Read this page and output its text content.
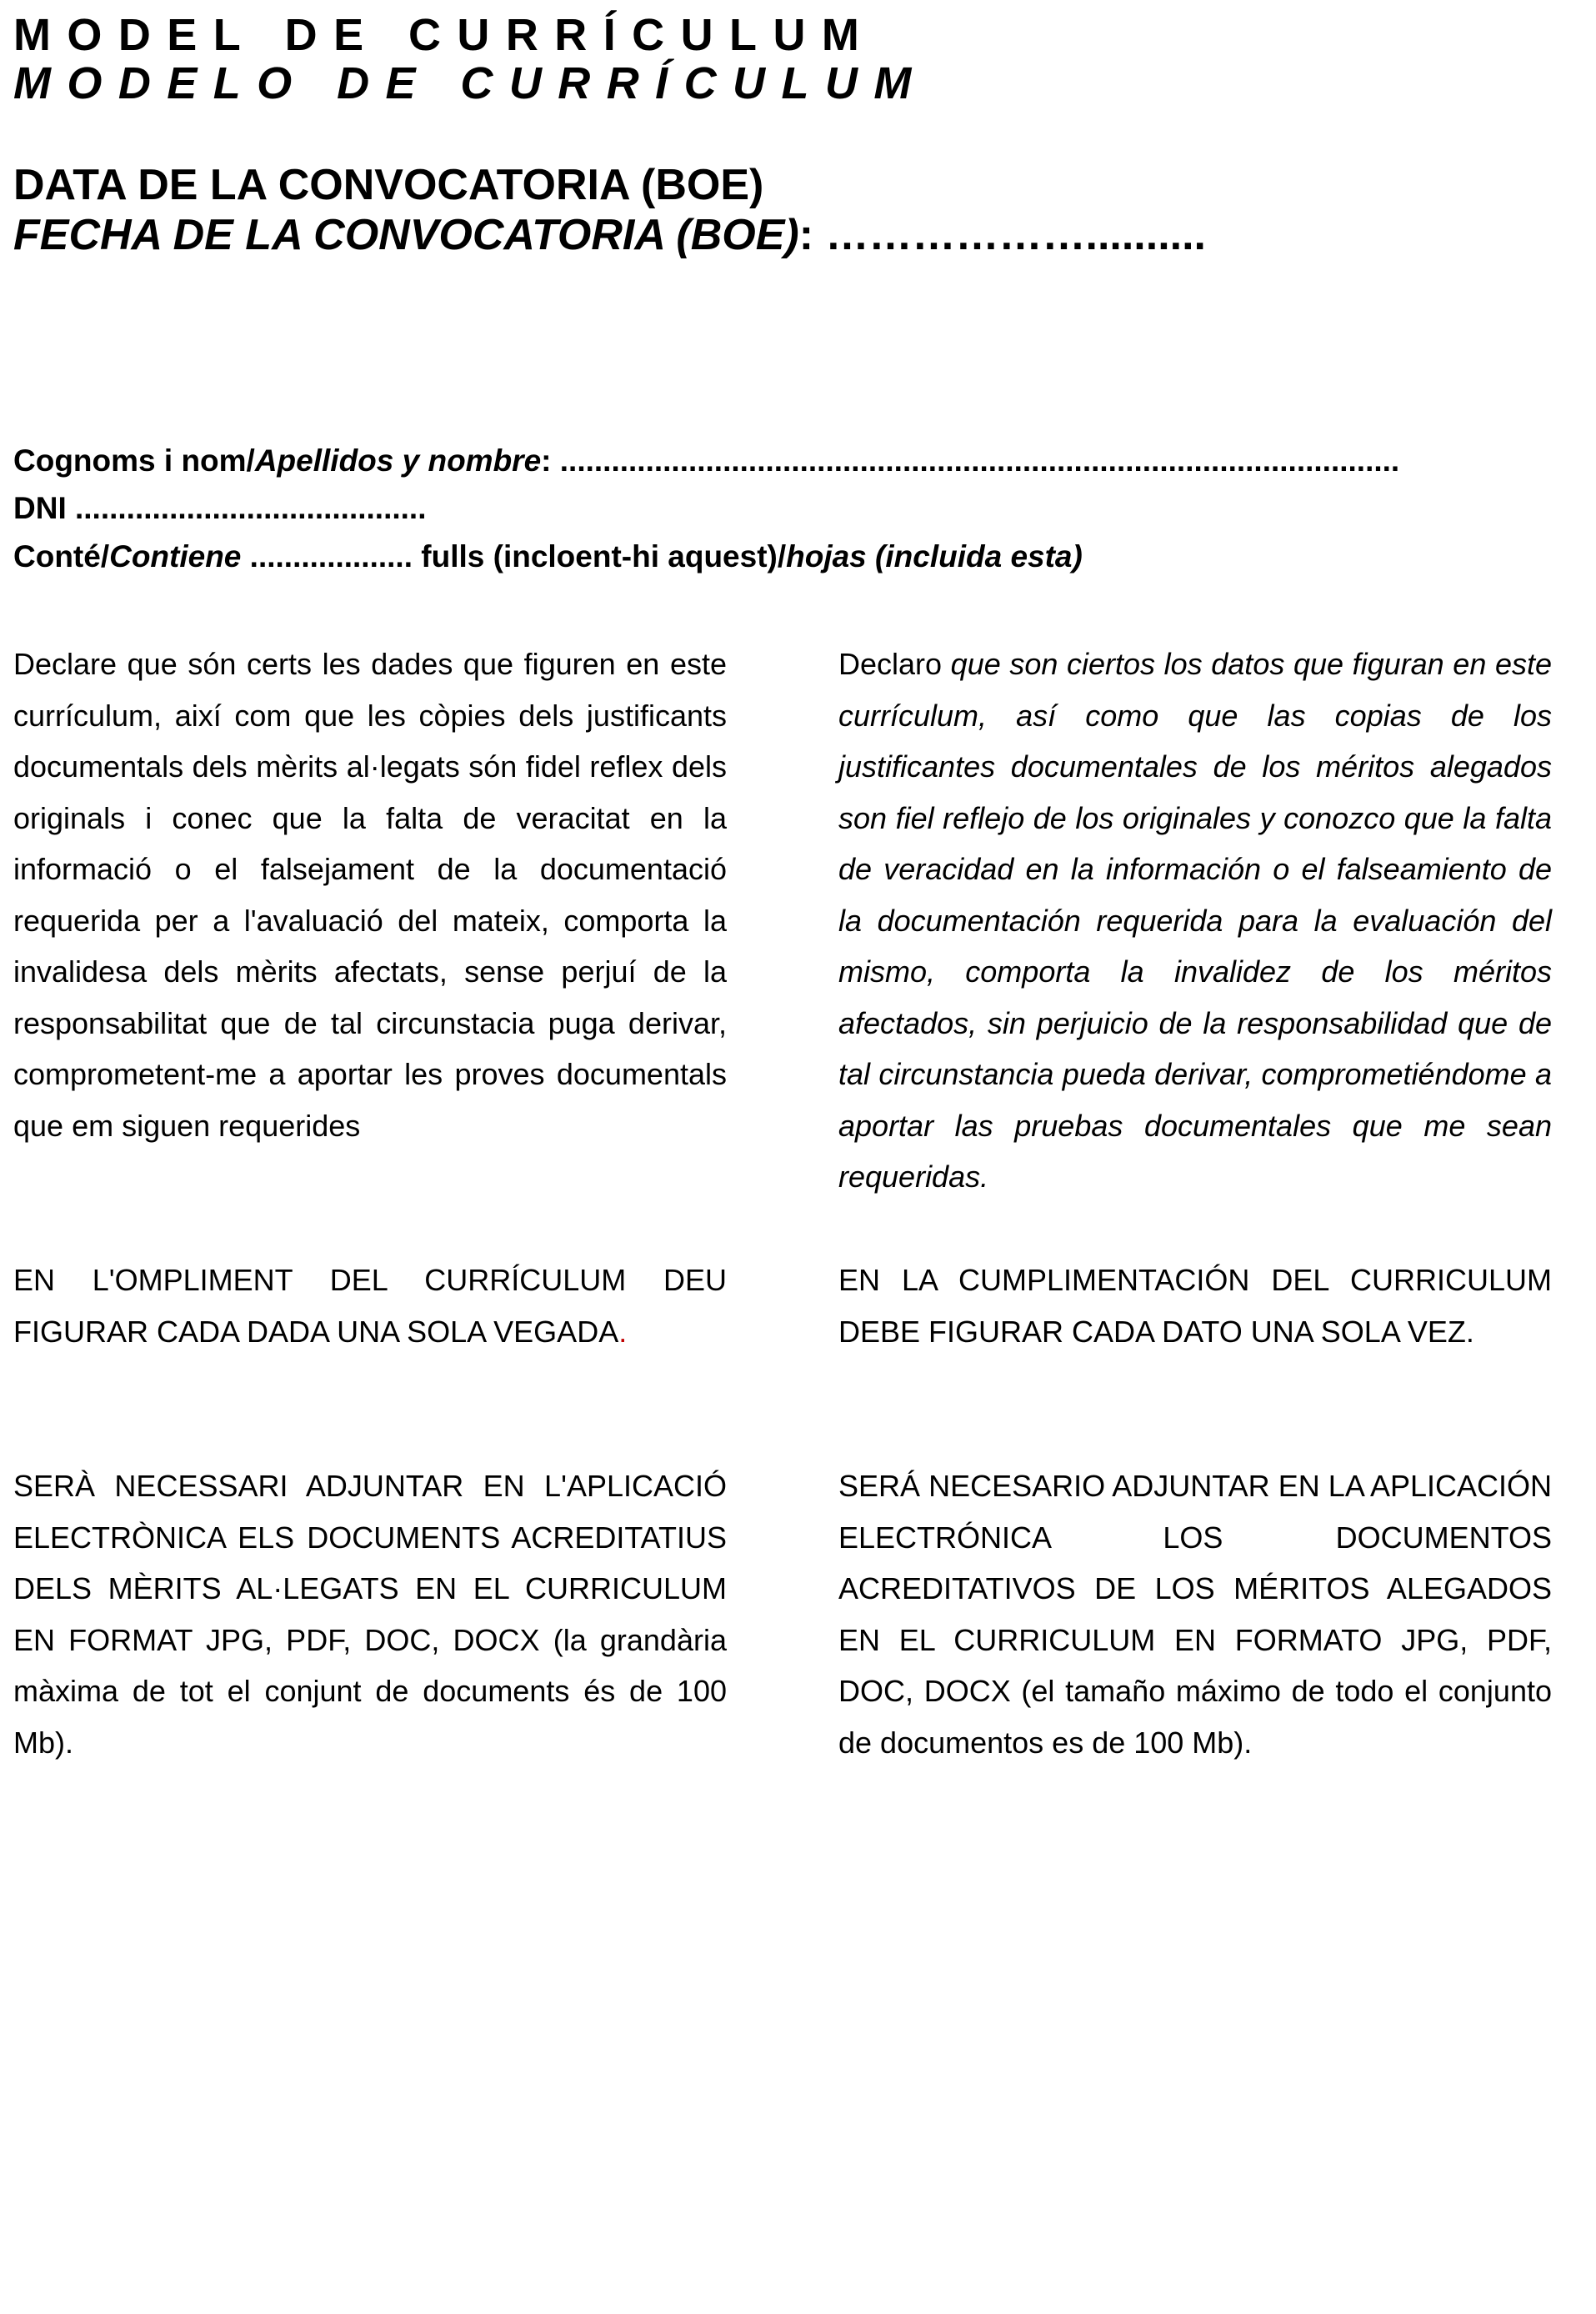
MODEL DE CURRÍCULUM
MODELO DE CURRÍCULUM

DATA DE LA CONVOCATORIA (BOE)

FECHA DE LA CONVOCATORIA (BOE): ………………..........

Cognoms i nom/Apellidos y nombre: ..................................................................................................

DNI .........................................

Conté/Contiene ................... fulls (incloent-hi aquest)/hojas (incluida esta)

Declare que són certs les dades que figuren en este currículum, així com que les còpies dels justificants documentals dels mèrits al·legats són fidel reflex dels originals i conec que la falta de veracitat en la informació o el falsejament de la documentació requerida per a l'avaluació del mateix, comporta la invalidesa dels mèrits afectats, sense perjuí de la responsabilitat que de tal circunstacia puga derivar, comprometent-me a aportar les proves documentals que em siguen requerides

Declaro que son ciertos los datos que figuran en este currículum, así como que las copias de los justificantes documentales de los méritos alegados son fiel reflejo de los originales y conozco que la falta de veracidad en la información o el falseamiento de la documentación requerida para la evaluación del mismo, comporta la invalidez de los méritos afectados, sin perjuicio de la responsabilidad que de tal circunstancia pueda derivar, comprometiéndome a aportar las pruebas documentales que me sean requeridas.

EN L'OMPLIMENT DEL CURRÍCULUM DEU FIGURAR CADA DADA UNA SOLA VEGADA.

EN LA CUMPLIMENTACIÓN DEL CURRICULUM DEBE FIGURAR CADA DATO UNA SOLA VEZ.

SERÀ NECESSARI ADJUNTAR EN L'APLICACIÓ ELECTRÒNICA ELS DOCUMENTS ACREDITATIUS DELS MÈRITS AL·LEGATS EN EL CURRICULUM EN FORMAT JPG, PDF, DOC, DOCX (la grandària màxima de tot el conjunt de documents és de 100 Mb).

SERÁ NECESARIO ADJUNTAR EN LA APLICACIÓN ELECTRÓNICA LOS DOCUMENTOS ACREDITATIVOS DE LOS MÉRITOS ALEGADOS EN EL CURRICULUM EN FORMATO JPG, PDF, DOC, DOCX (el tamaño máximo de todo el conjunto de documentos es de 100 Mb).
